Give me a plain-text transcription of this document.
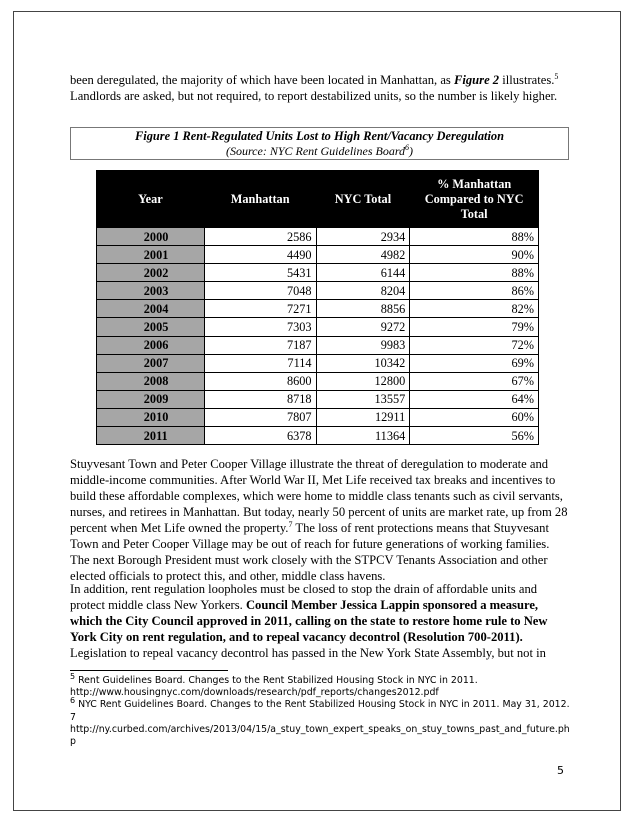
been deregulated, the majority of which have been located in Manhattan, as Figure 2 illustrates.$^5$ Landlords are asked, but not required, to report destabilized units, so the number is likely higher.

Figure 1 Rent-Regulated Units Lost to High Rent/Vacancy Deregulation
(Source: NYC Rent Guidelines Board$^6$)
Year	Manhattan	NYC Total	% Manhattan Compared to NYC Total
2000	2586	2934	88%
2001	4490	4982	90%
2002	5431	6144	88%
2003	7048	8204	86%
2004	7271	8856	82%
2005	7303	9272	79%
2006	7187	9983	72%
2007	7114	10342	69%
2008	8600	12800	67%
2009	8718	13557	64%
2010	7807	12911	60%
2011	6378	11364	56%

Stuyvesant Town and Peter Cooper Village illustrate the threat of deregulation to moderate and middle-income communities. After World War II, Met Life received tax breaks and incentives to build these affordable complexes, which were home to middle class tenants such as civil servants, nurses, and retirees in Manhattan. But today, nearly 50 percent of units are market rate, up from 28 percent when Met Life owned the property.$^7$ The loss of rent protections means that Stuyvesant Town and Peter Cooper Village may be out of reach for future generations of working families. The next Borough President must work closely with the STPCV Tenants Association and other elected officials to protect this, and other, middle class havens.

In addition, rent regulation loopholes must be closed to stop the drain of affordable units and protect middle class New Yorkers. Council Member Jessica Lappin sponsored a measure, which the City Council approved in 2011, calling on the state to restore home rule to New York City on rent regulation, and to repeal vacancy decontrol (Resolution 700-2011). Legislation to repeal vacancy decontrol has passed in the New York State Assembly, but not in

5 Rent Guidelines Board. Changes to the Rent Stabilized Housing Stock in NYC in 2011.
http://www.housingnyc.com/downloads/research/pdf_reports/changes2012.pdf
6 NYC Rent Guidelines Board. Changes to the Rent Stabilized Housing Stock in NYC in 2011. May 31, 2012.
7
http://ny.curbed.com/archives/2013/04/15/a_stuy_town_expert_speaks_on_stuy_towns_past_and_future.ph
p
5
